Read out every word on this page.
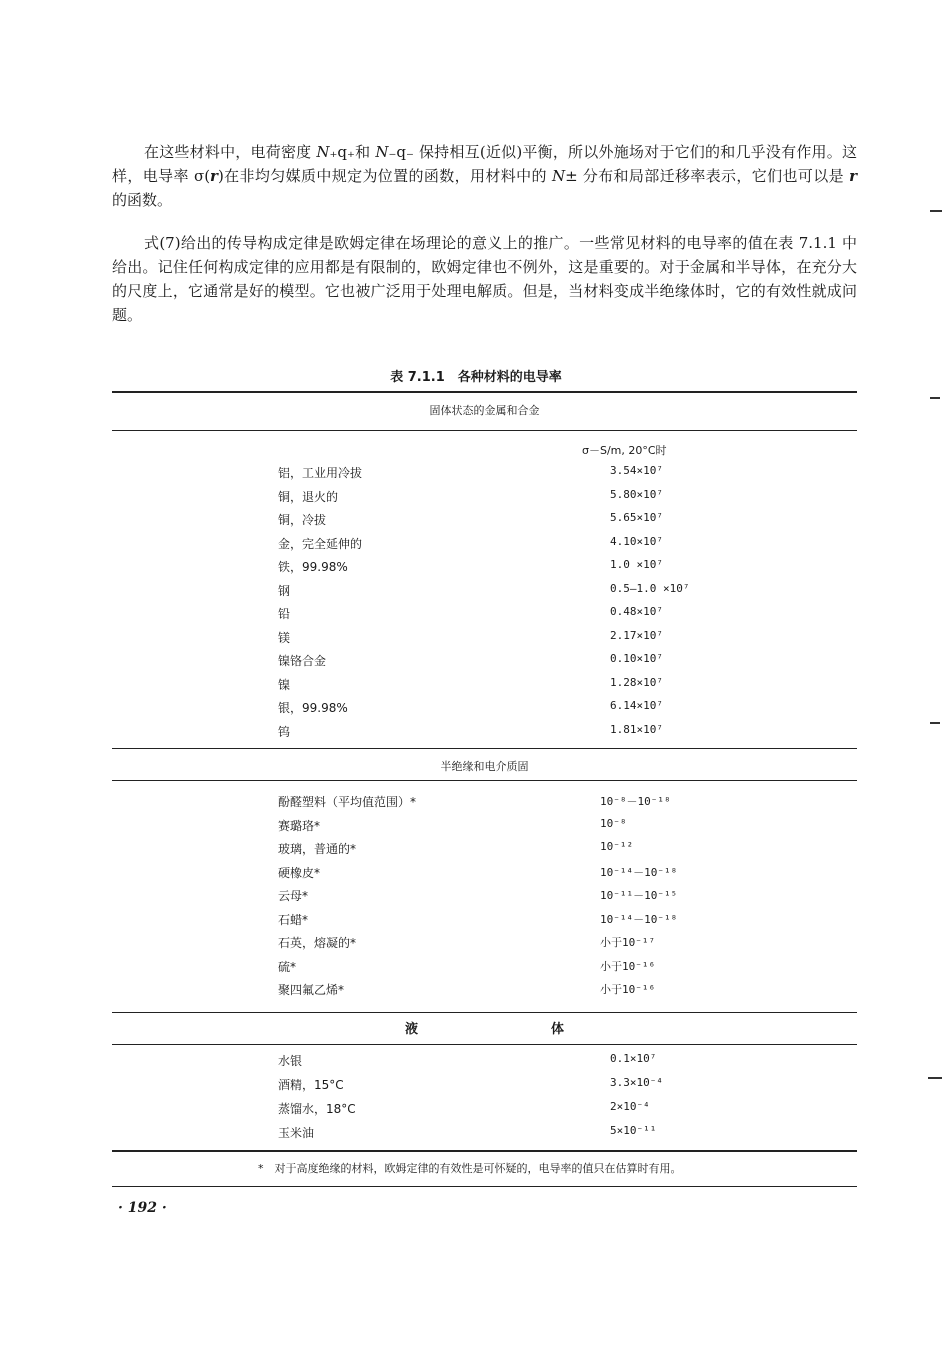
在这些材料中，电荷密度 N₊q₊和 N₋q₋ 保持相互(近似)平衡，所以外施场对于它们的和几乎没有作用。这样，电导率 σ(r)在非均匀媒质中规定为位置的函数，用材料中的 N± 分布和局部迁移率表示，它们也可以是 r 的函数。

式(7)给出的传导构成定律是欧姆定律在场理论的意义上的推广。一些常见材料的电导率的值在表 7.1.1 中给出。记住任何构成定律的应用都是有限制的，欧姆定律也不例外，这是重要的。对于金属和半导体，在充分大的尺度上，它通常是好的模型。它也被广泛用于处理电解质。但是，当材料变成半绝缘体时，它的有效性就成问题。

表 7.1.1　各种材料的电导率
固体状态的金属和合金
σ－S/m, 20°C时
铝，工业用冷拔	3.54×10⁷
铜，退火的	5.80×10⁷
铜，冷拔	5.65×10⁷
金，完全延伸的	4.10×10⁷
铁，99.98%	1.0 ×10⁷
钢	0.5—1.0 ×10⁷
铅	0.48×10⁷
镁	2.17×10⁷
镍铬合金	0.10×10⁷
镍	1.28×10⁷
银，99.98%	6.14×10⁷
钨	1.81×10⁷
半绝缘和电介质固
酚醛塑料（平均值范围）*	10⁻⁸－10⁻¹⁸
赛璐珞*	10⁻⁸
玻璃，普通的*	10⁻¹²
硬橡皮*	10⁻¹⁴－10⁻¹⁸
云母*	10⁻¹¹－10⁻¹⁵
石蜡*	10⁻¹⁴－10⁻¹⁸
石英，熔凝的*	小于10⁻¹⁷
硫*	小于10⁻¹⁶
聚四氟乙烯*	小于10⁻¹⁶
液　体
水银	0.1×10⁷
酒精，15°C	3.3×10⁻⁴
蒸馏水，18°C	2×10⁻⁴
玉米油	5×10⁻¹¹
*　对于高度绝缘的材料，欧姆定律的有效性是可怀疑的，电导率的值只在估算时有用。
· 192 ·
